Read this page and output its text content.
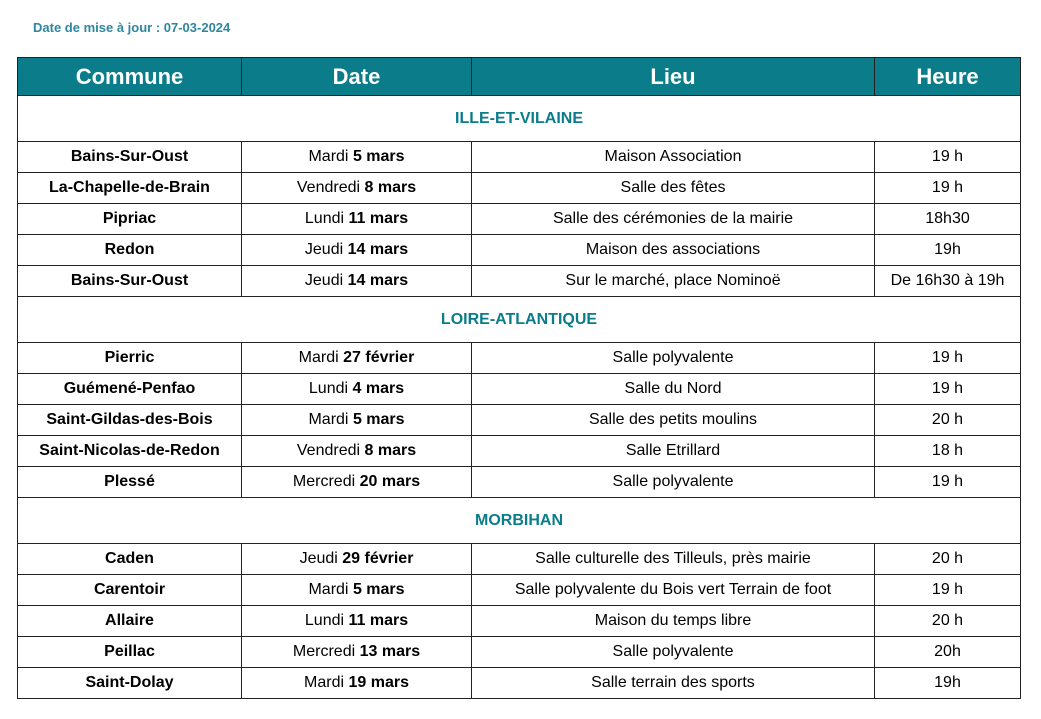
Date de mise à jour : 07-03-2024
Commune	Date	Lieu	Heure
ILLE-ET-VILAINE			
Bains-Sur-Oust	Mardi 5 mars	Maison Association	19 h
La-Chapelle-de-Brain	Vendredi 8 mars	Salle des fêtes	19 h
Pipriac	Lundi 11 mars	Salle des cérémonies de la mairie	18h30
Redon	Jeudi 14 mars	Maison des associations	19h
Bains-Sur-Oust	Jeudi 14 mars	Sur le marché, place Nominoë	De 16h30 à 19h
LOIRE-ATLANTIQUE			
Pierric	Mardi 27 février	Salle polyvalente	19 h
Guémené-Penfao	Lundi 4 mars	Salle du Nord	19 h
Saint-Gildas-des-Bois	Mardi 5 mars	Salle des petits moulins	20 h
Saint-Nicolas-de-Redon	Vendredi 8 mars	Salle Etrillard	18 h
Plessé	Mercredi 20 mars	Salle polyvalente	19 h
MORBIHAN			
Caden	Jeudi 29 février	Salle culturelle des Tilleuls, près mairie	20 h
Carentoir	Mardi 5 mars	Salle polyvalente du Bois vert Terrain de foot	19 h
Allaire	Lundi 11 mars	Maison du temps libre	20 h
Peillac	Mercredi 13 mars	Salle polyvalente	20h
Saint-Dolay	Mardi 19 mars	Salle terrain des sports	19h
